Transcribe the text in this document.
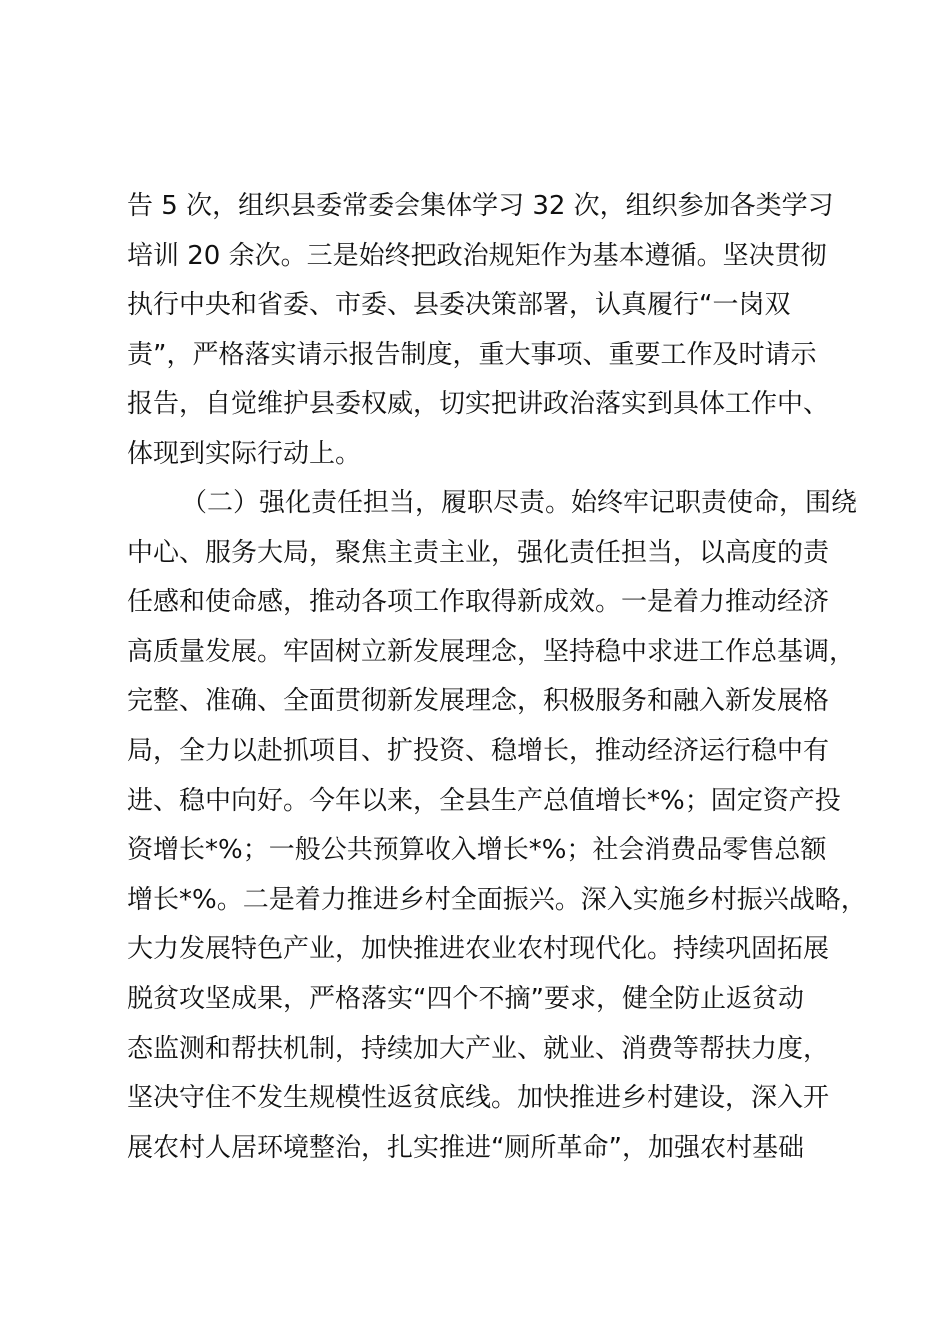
告 5 次，组织县委常委会集体学习 32 次，组织参加各类学习
培训 20 余次。三是始终把政治规矩作为基本遵循。坚决贯彻
执行中央和省委、市委、县委决策部署，认真履行“一岗双
责”，严格落实请示报告制度，重大事项、重要工作及时请示
报告，自觉维护县委权威，切实把讲政治落实到具体工作中、
体现到实际行动上。
（二）强化责任担当，履职尽责。始终牢记职责使命，围绕
中心、服务大局，聚焦主责主业，强化责任担当，以高度的责
任感和使命感，推动各项工作取得新成效。一是着力推动经济
高质量发展。牢固树立新发展理念，坚持稳中求进工作总基调，
完整、准确、全面贯彻新发展理念，积极服务和融入新发展格
局，全力以赴抓项目、扩投资、稳增长，推动经济运行稳中有
进、稳中向好。今年以来，全县生产总值增长*%；固定资产投
资增长*%；一般公共预算收入增长*%；社会消费品零售总额
增长*%。二是着力推进乡村全面振兴。深入实施乡村振兴战略，
大力发展特色产业，加快推进农业农村现代化。持续巩固拓展
脱贫攻坚成果，严格落实“四个不摘”要求，健全防止返贫动
态监测和帮扶机制，持续加大产业、就业、消费等帮扶力度，
坚决守住不发生规模性返贫底线。加快推进乡村建设，深入开
展农村人居环境整治，扎实推进“厕所革命”，加强农村基础
